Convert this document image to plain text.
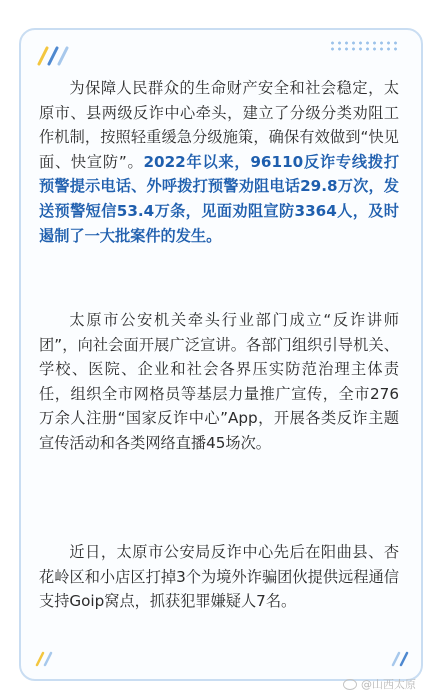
为保障人民群众的生命财产安全和社会稳定，太原市、县两级反诈中心牵头，建立了分级分类劝阻工作机制，按照轻重缓急分级施策，确保有效做到“快见面、快宣防”。2022年以来，96110反诈专线拨打预警提示电话、外呼拨打预警劝阻电话29.8万次，发送预警短信53.4万条，见面劝阻宣防3364人，及时遏制了一大批案件的发生。

太原市公安机关牵头行业部门成立“反诈讲师团”，向社会面开展广泛宣讲。各部门组织引导机关、学校、医院、企业和社会各界压实防范治理主体责任，组织全市网格员等基层力量推广宣传，全市276万余人注册“国家反诈中心”App，开展各类反诈主题宣传活动和各类网络直播45场次。

近日，太原市公安局反诈中心先后在阳曲县、杏花岭区和小店区打掉3个为境外诈骗团伙提供远程通信支持Goip窝点，抓获犯罪嫌疑人7名。

@山西太原
